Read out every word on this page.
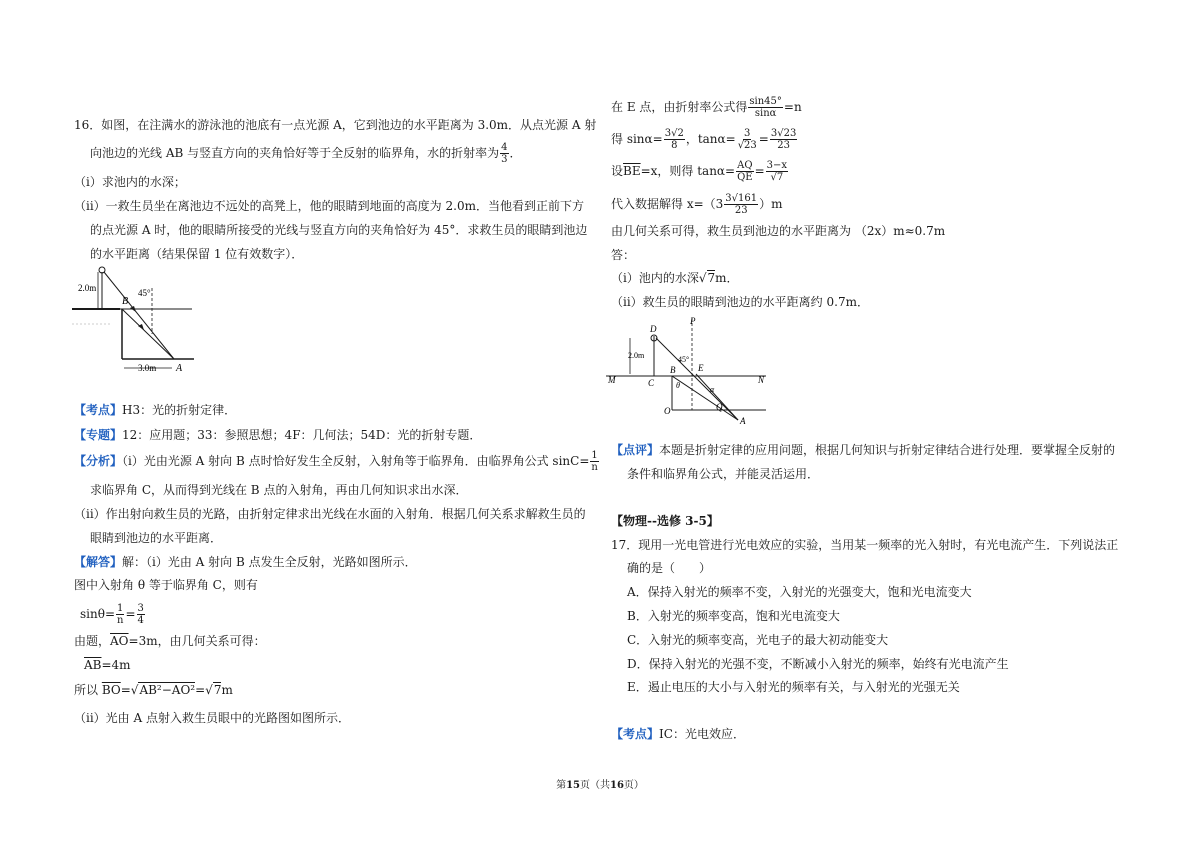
16．如图，在注满水的游泳池的池底有一点光源 A，它到池边的水平距离为 3.0m．从点光源 A 射
向池边的光线 AB 与竖直方向的夹角恰好等于全反射的临界角，水的折射率为 $\frac{4}{3}$ ．
（i）求池内的水深；
（ii）一救生员坐在离池边不远处的高凳上，他的眼睛到地面的高度为 2.0m．当他看到正前下方
的点光源 A 时，他的眼睛所接受的光线与竖直方向的夹角恰好为 45°．求救生员的眼睛到池边
的水平距离（结果保留 1 位有效数字）．
2.0m
B
45°
3.0m A
【考点】H3：光的折射定律．
【专题】12：应用题；33：参照思想；4F：几何法；54D：光的折射专题．
【分析】（i）光由光源 A 射向 B 点时恰好发生全反射，入射角等于临界角．由临界角公式 $\sin C= \frac{1}{n}$
求临界角 C，从而得到光线在 B 点的入射角，再由几何知识求出水深．
（ii）作出射向救生员的光路，由折射定律求出光线在水面的入射角．根据几何关系求解救生员的
眼睛到池边的水平距离．
【解答】解：（i）光由 A 射向 B 点发生全反射，光路如图所示．
图中入射角 θ 等于临界角 C，则有
$\sin\theta= \frac{1}{n} = \frac{3}{4}$
由题，$\overline{AO}=3m$，由几何关系可得：
$\overline{AB}=4m$
所以 $\overline{BO}=√AB^2-AO^2=√7m$
（ii）光由 A 点射入救生员眼中的光路图如图所示．
在 E 点，由折射率公式得 $\frac{\sin 45^\circ}{\sin\alpha} =n$
得 $\sin\alpha= \frac{3√2}{8}$ ，$\tan\alpha= \frac{3}{√23} = \frac{3√23}{23}$
设$\overline{BE}=x$，则得 $\tan\alpha= \frac{AQ}{QE} = \frac{3-x}{√7}$
代入数据解得 $x=(3 \frac{3√161}{23} )m$
由几何关系可得，救生员到池边的水平距离为 （2x）m≈0.7m
答：
（i）池内的水深√7m．
（ii）救生员的眼睛到池边的水平距离约 0.7m．
M	N
D
2.0m
C
P
45°
E
B
θ
O	Q
α
A
【点评】本题是折射定律的应用问题，根据几何知识与折射定律结合进行处理．要掌握全反射的
条件和临界角公式，并能灵活运用．
【物理--选修 3-5】
17．现用一光电管进行光电效应的实验，当用某一频率的光入射时，有光电流产生．下列说法正
确的是（　　）
A．保持入射光的频率不变，入射光的光强变大，饱和光电流变大
B．入射光的频率变高，饱和光电流变大
C．入射光的频率变高，光电子的最大初动能变大
D．保持入射光的光强不变，不断减小入射光的频率，始终有光电流产生
E．遏止电压的大小与入射光的频率有关，与入射光的光强无关
【考点】IC：光电效应．
第15页（共16页）
